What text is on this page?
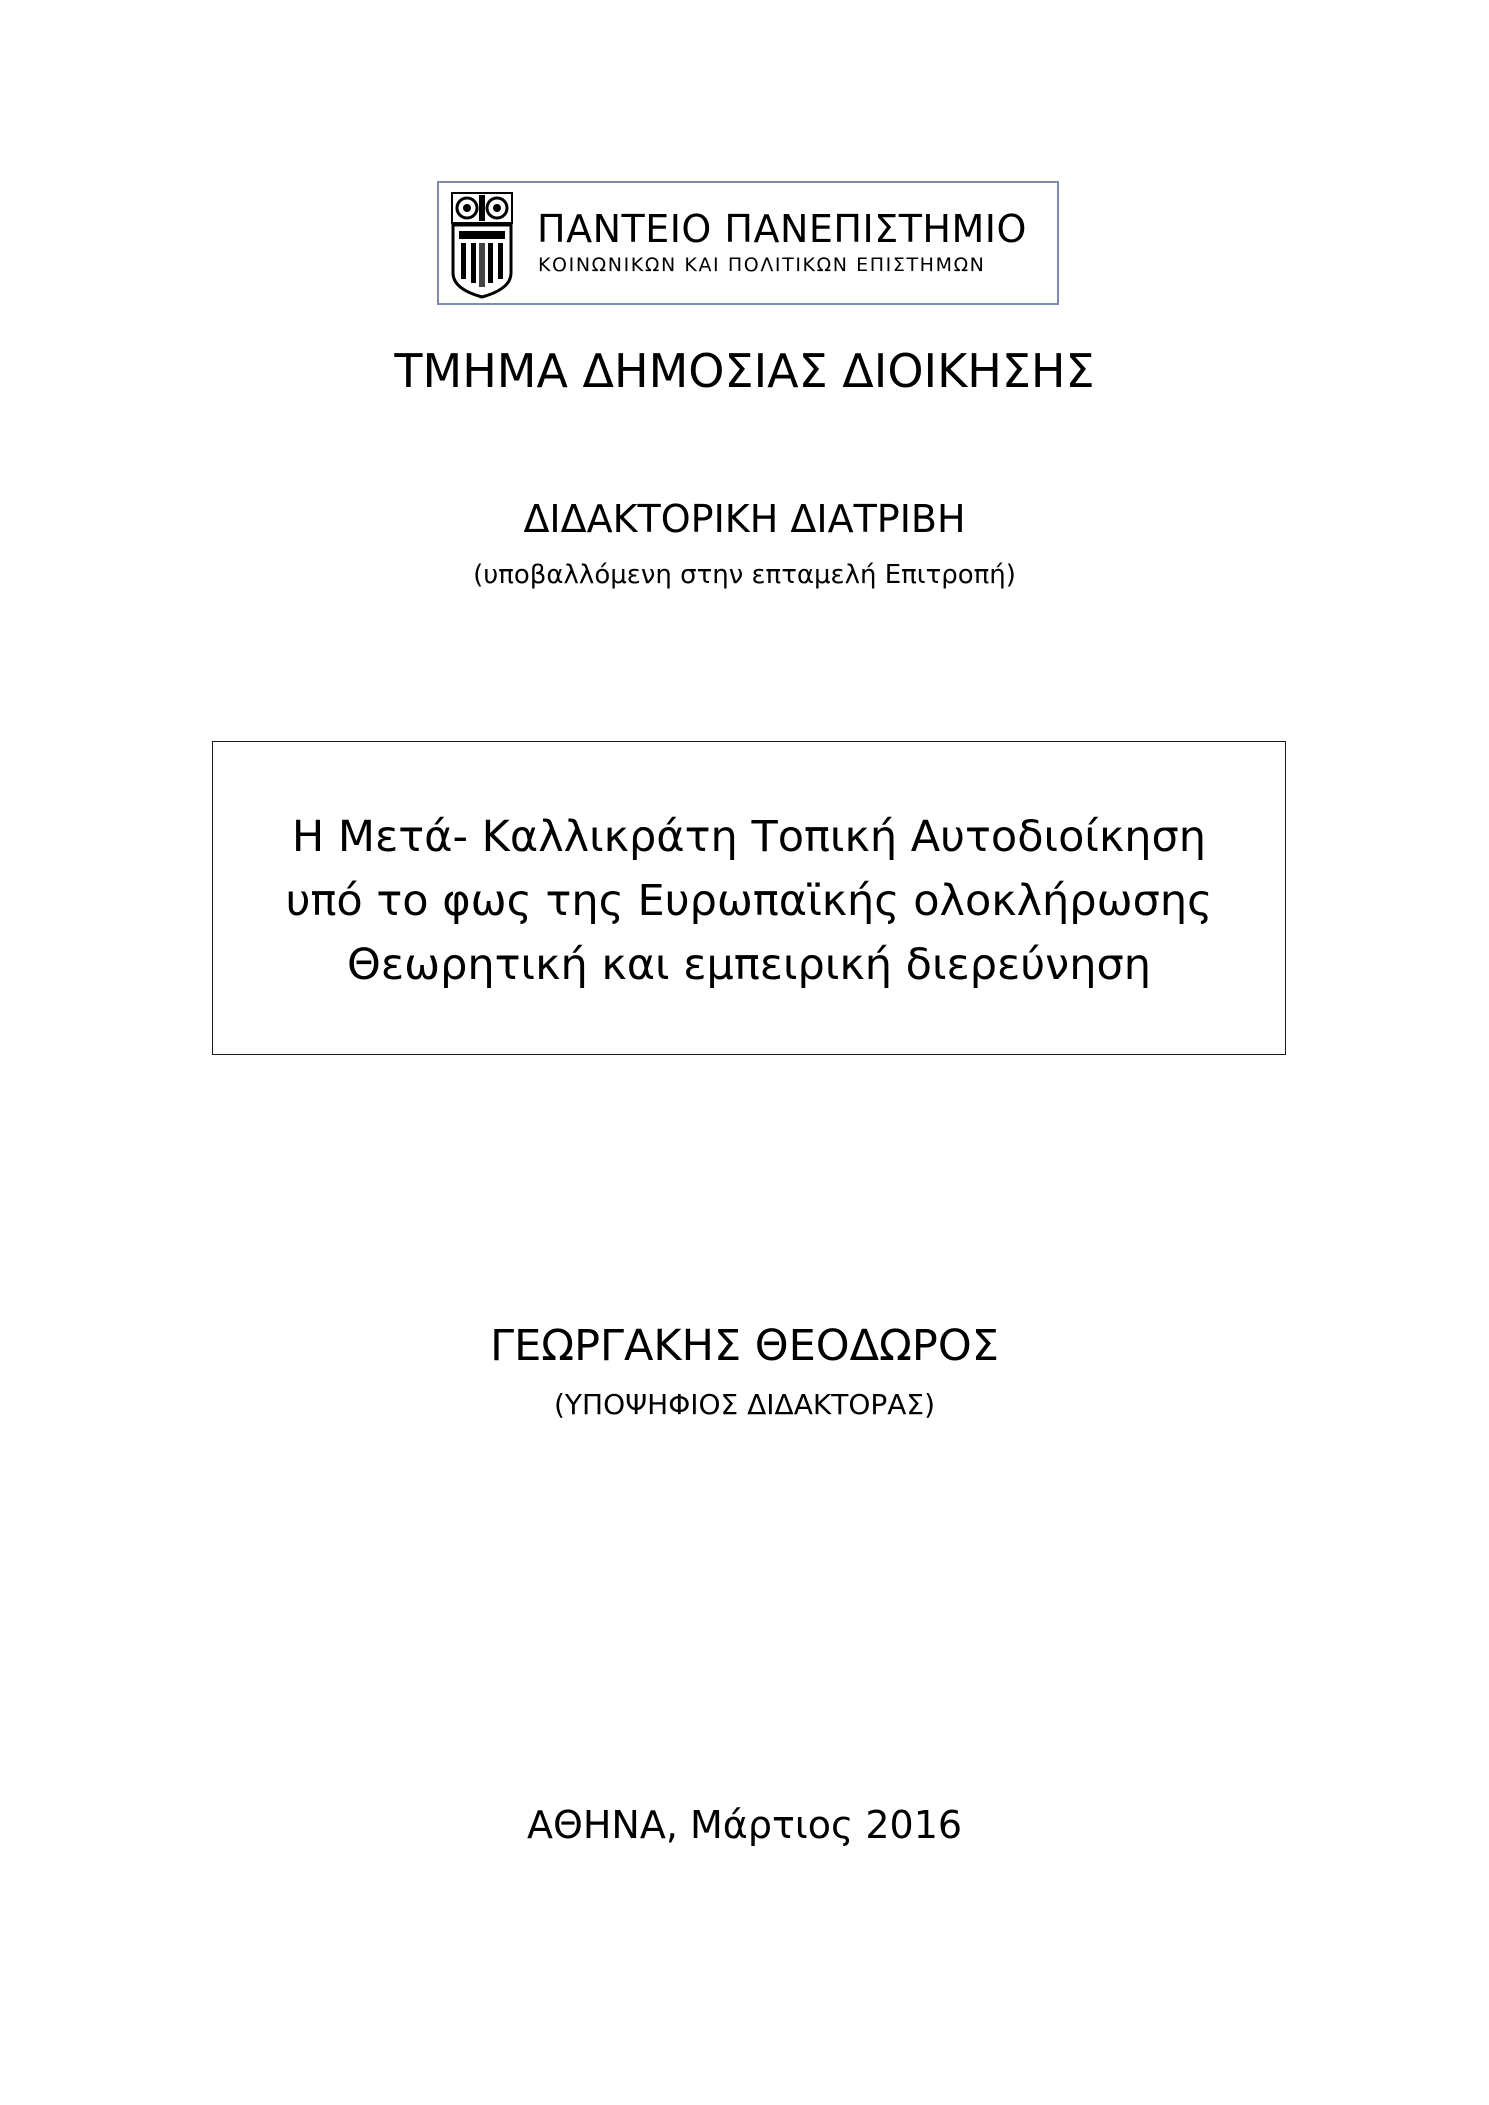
ΠΑΝΤΕΙΟ ΠΑΝΕΠΙΣΤΗΜΙΟ
ΚΟΙΝΩΝΙΚΩΝ ΚΑΙ ΠΟΛΙΤΙΚΩΝ ΕΠΙΣΤΗΜΩΝ
ΤΜΗΜΑ ΔΗΜΟΣΙΑΣ ΔΙΟΙΚΗΣΗΣ
ΔΙΔΑΚΤΟΡΙΚΗ ΔΙΑΤΡΙΒΗ
(υποβαλλόμενη στην επταμελή Επιτροπή)
Η Μετά- Καλλικράτη Τοπική Αυτοδιοίκηση
υπό το φως της Ευρωπαϊκής ολοκλήρωσης
Θεωρητική και εμπειρική διερεύνηση
ΓΕΩΡΓΑΚΗΣ ΘΕΟΔΩΡΟΣ
(ΥΠΟΨΗΦΙΟΣ ΔΙΔΑΚΤΟΡΑΣ)
ΑΘΗΝΑ, Μάρτιος 2016
